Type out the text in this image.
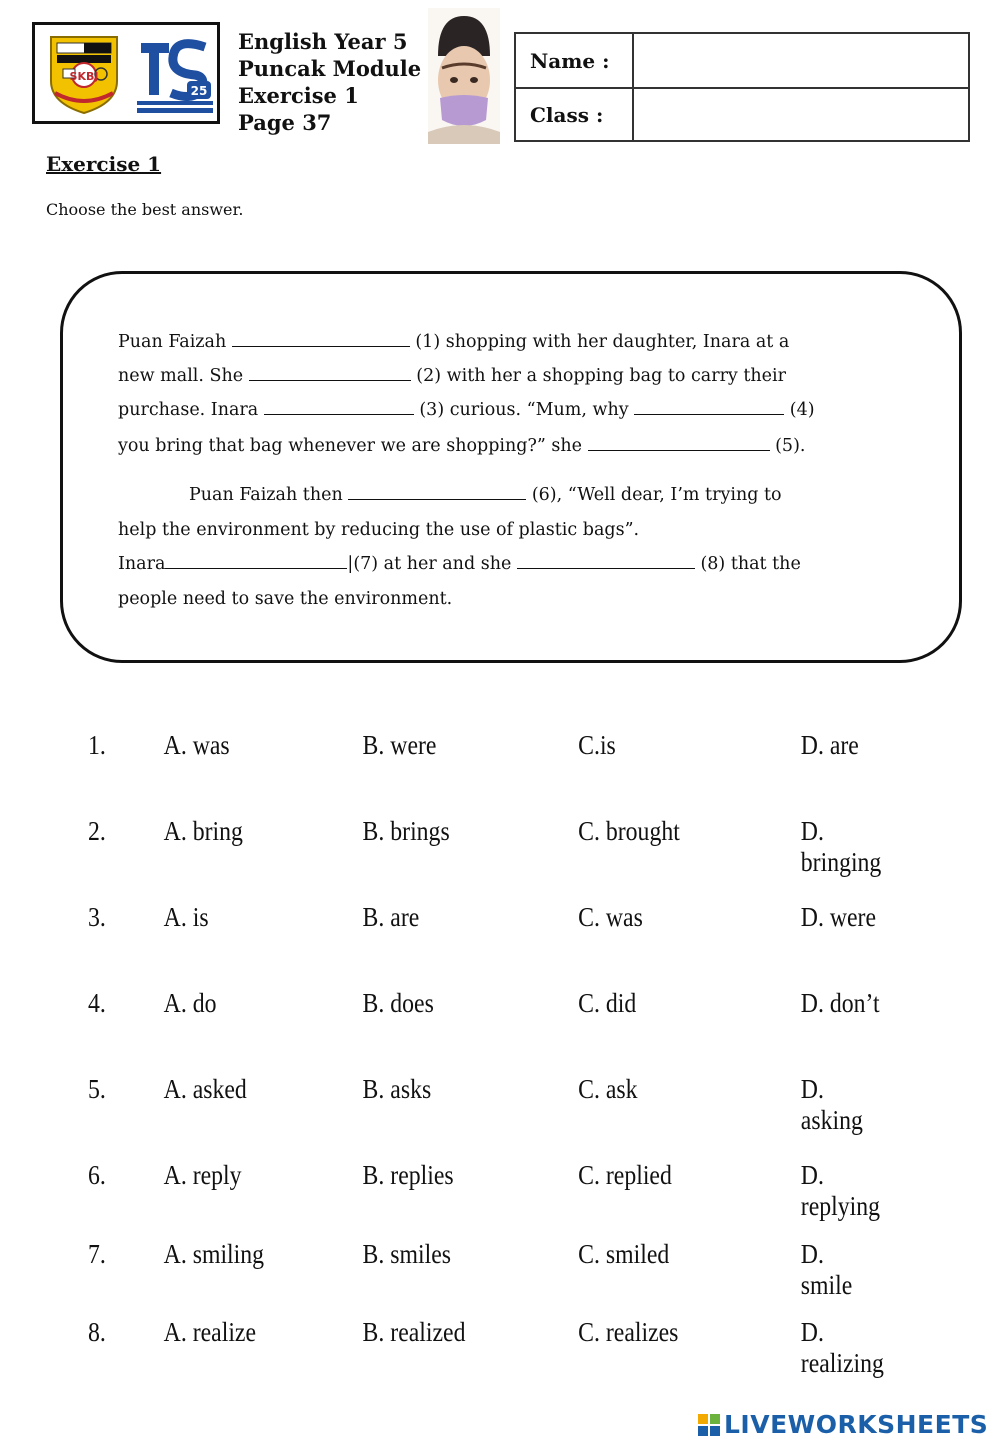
SKBJ
25
English Year 5
Puncak Module
Exercise 1
Page 37
Name :
Class :
Exercise 1
Choose the best answer.
Puan Faizah	(1) shopping with her daughter, Inara at a
new mall. She	(2) with her a shopping bag to carry their
purchase. Inara	(3) curious. “Mum, why	(4)
you bring that bag whenever we are shopping?” she	(5).
Puan Faizah then	(6), “Well dear, I’m trying to
help the environment by reducing the use of plastic bags”.
Inara	|(7) at her and she	(8) that the
people need to save the environment.
1. A. was	B. were	C.is	D. are
2. A. bring	B. brings	C. brought	D. bringing
3. A. is	B. are	C. was	D. were
4. A. do	B. does	C. did	D. don’t
5. A. asked	B. asks	C. ask	D. asking
6. A. reply	B. replies	C. replied	D. replying
7. A. smiling	B. smiles	C. smiled	D. smile
8. A. realize	B. realized	C. realizes	D. realizing
LIVEWORKSHEETS
